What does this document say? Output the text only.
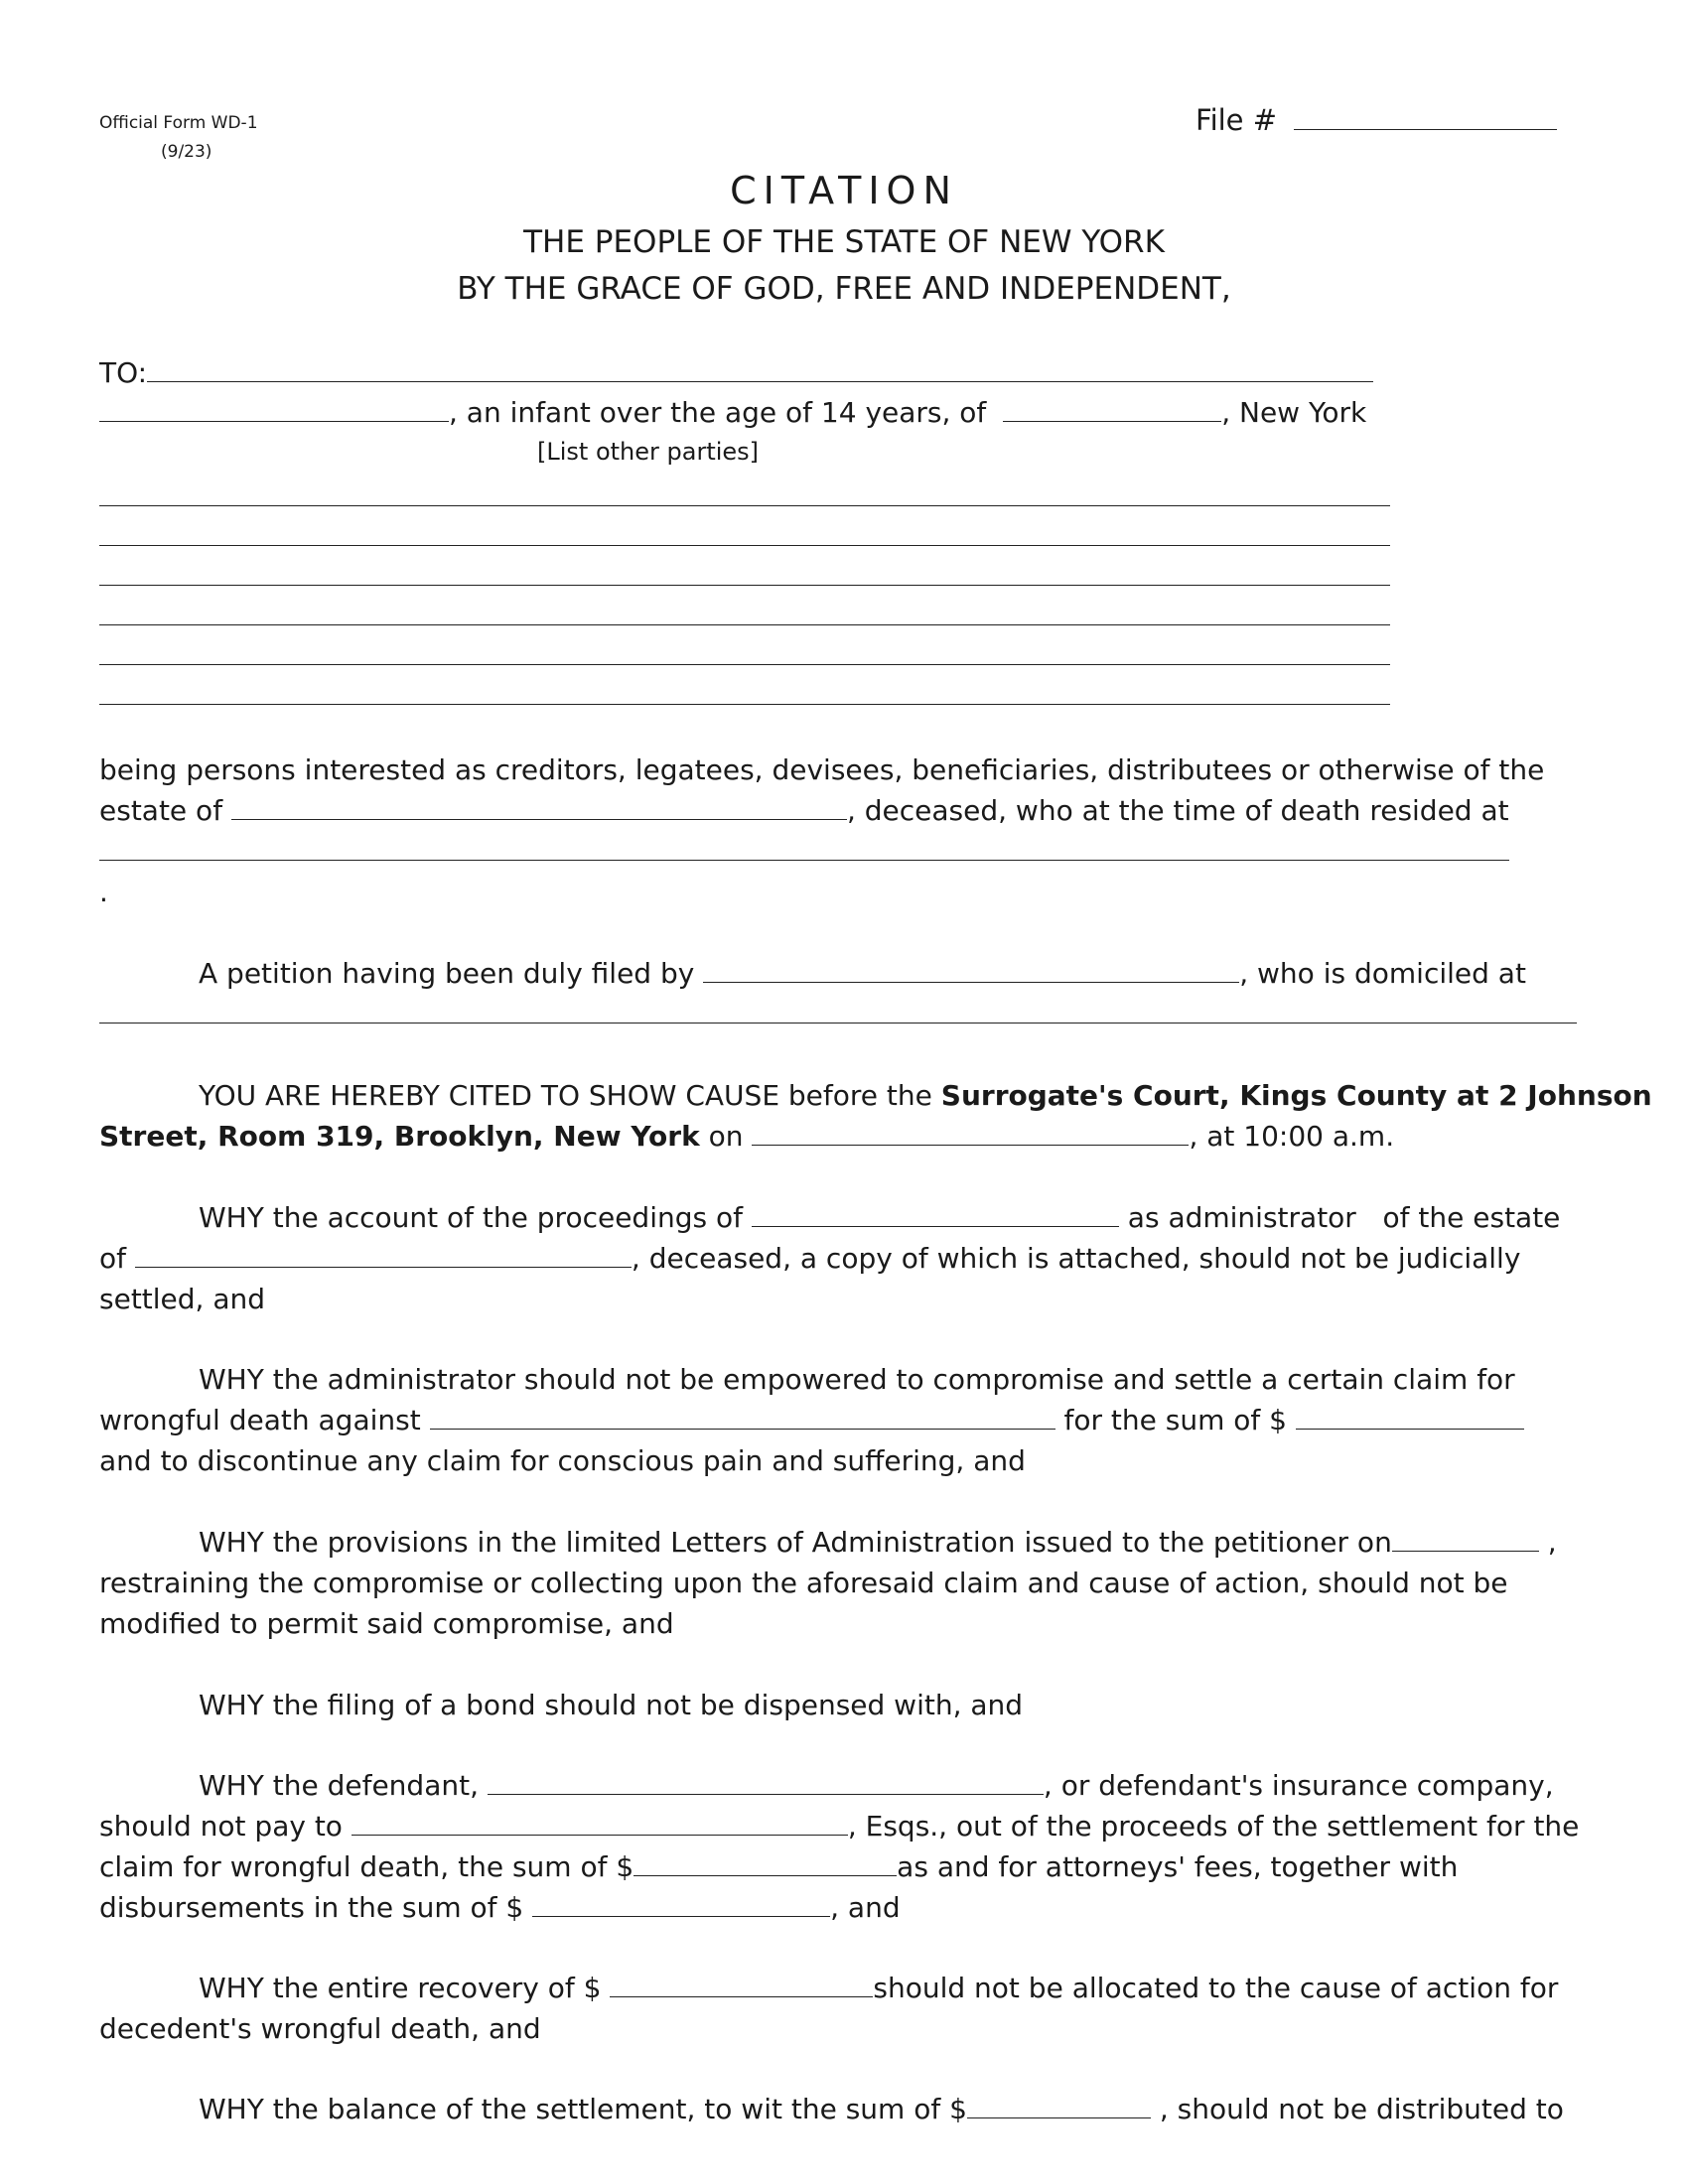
Official Form WD-1
(9/23)
File #
CITATION
THE PEOPLE OF THE STATE OF NEW YORK
BY THE GRACE OF GOD, FREE AND INDEPENDENT,
TO:
, an infant over the age of 14 years, of	, New York
[List other parties]
being persons interested as creditors, legatees, devisees, beneficiaries, distributees or otherwise of the
estate of	, deceased, who at the time of death resided at
.
A petition having been duly filed by	, who is domiciled at
YOU ARE HEREBY CITED TO SHOW CAUSE before the Surrogate's Court, Kings County at 2 Johnson
Street, Room 319, Brooklyn, New York on	, at 10:00 a.m.
WHY the account of the proceedings of	as administrator   of the estate
of	, deceased, a copy of which is attached, should not be judicially
settled, and
WHY the administrator should not be empowered to compromise and settle a certain claim for
wrongful death against	for the sum of $
and to discontinue any claim for conscious pain and suffering, and
WHY the provisions in the limited Letters of Administration issued to the petitioner on	,
restraining the compromise or collecting upon the aforesaid claim and cause of action, should not be
modified to permit said compromise, and
WHY the filing of a bond should not be dispensed with, and
WHY the defendant,	, or defendant's insurance company,
should not pay to	, Esqs., out of the proceeds of the settlement for the
claim for wrongful death, the sum of $	as and for attorneys' fees, together with
disbursements in the sum of $	, and
WHY the entire recovery of $	should not be allocated to the cause of action for
decedent's wrongful death, and
WHY the balance of the settlement, to wit the sum of $	, should not be distributed to
